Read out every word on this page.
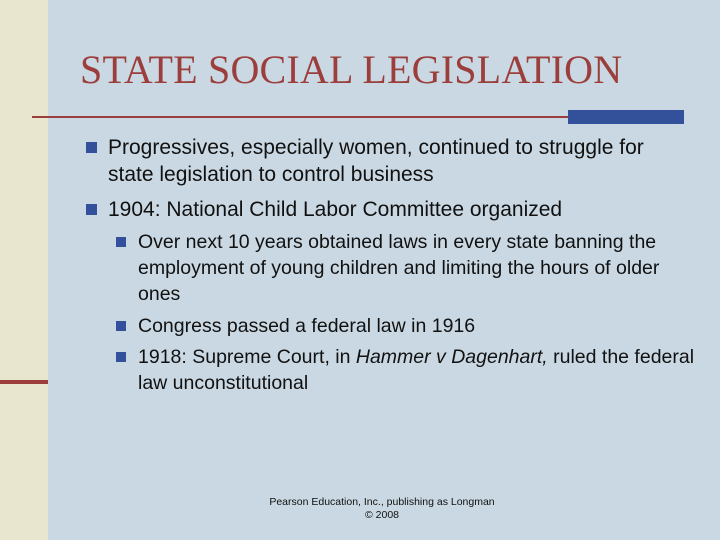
STATE SOCIAL LEGISLATION
Progressives, especially women, continued to struggle for state legislation to control business
1904: National Child Labor Committee organized
Over next 10 years obtained laws in every state banning the employment of young children and limiting the hours of older ones
Congress passed a federal law in 1916
1918: Supreme Court, in Hammer v Dagenhart, ruled the federal law unconstitutional
Pearson Education, Inc., publishing as Longman
© 2008
